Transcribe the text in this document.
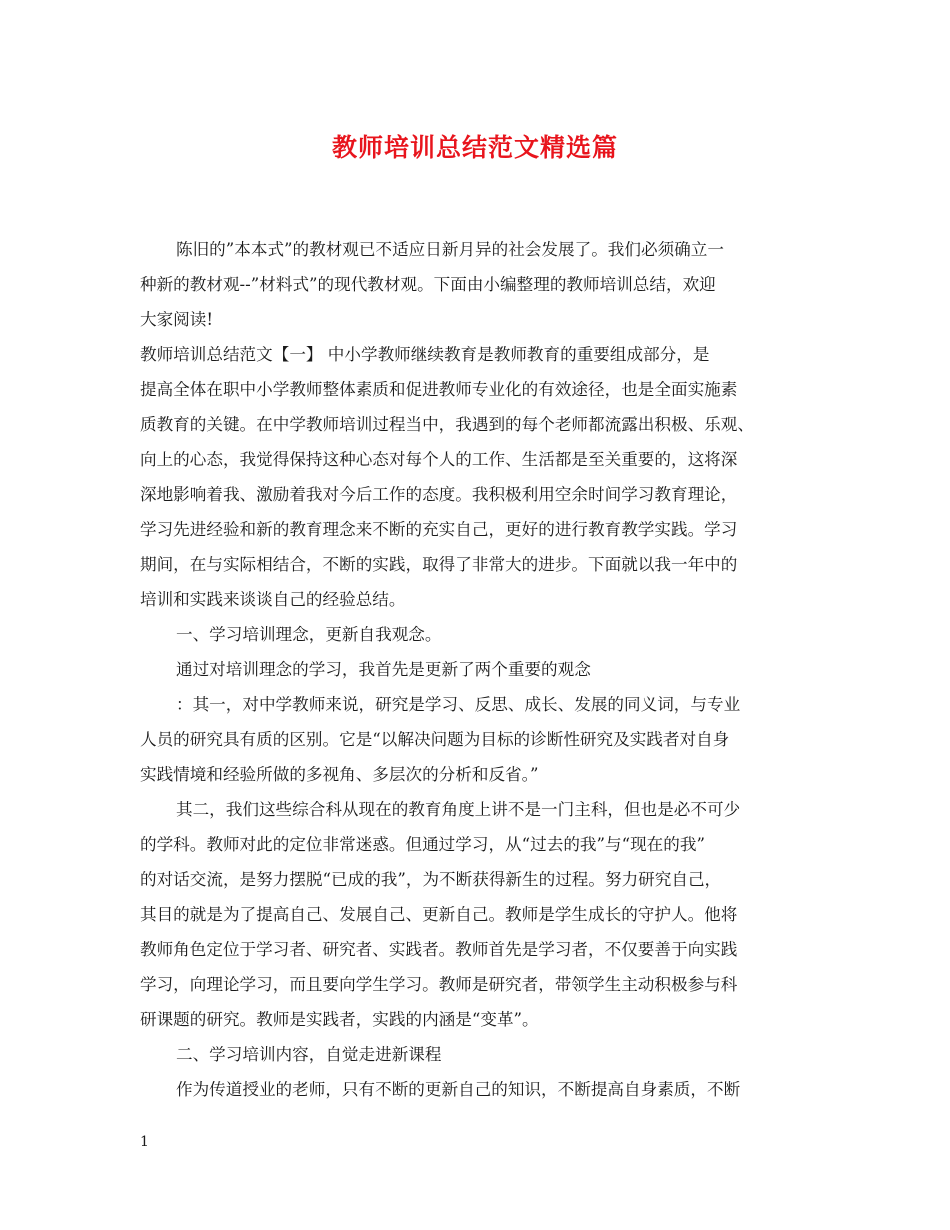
教师培训总结范文精选篇
陈旧的”本本式”的教材观已不适应日新月异的社会发展了。我们必须确立一
种新的教材观--”材料式”的现代教材观。下面由小编整理的教师培训总结，欢迎
大家阅读!
教师培训总结范文【一】 中小学教师继续教育是教师教育的重要组成部分，是
提高全体在职中小学教师整体素质和促进教师专业化的有效途径，也是全面实施素
质教育的关键。在中学教师培训过程当中，我遇到的每个老师都流露出积极、乐观、
向上的心态，我觉得保持这种心态对每个人的工作、生活都是至关重要的，这将深
深地影响着我、激励着我对今后工作的态度。我积极利用空余时间学习教育理论，
学习先进经验和新的教育理念来不断的充实自己，更好的进行教育教学实践。学习
期间，在与实际相结合，不断的实践，取得了非常大的进步。下面就以我一年中的
培训和实践来谈谈自己的经验总结。
一、学习培训理念，更新自我观念。
通过对培训理念的学习，我首先是更新了两个重要的观念
：其一，对中学教师来说，研究是学习、反思、成长、发展的同义词，与专业
人员的研究具有质的区别。它是“以解决问题为目标的诊断性研究及实践者对自身
实践情境和经验所做的多视角、多层次的分析和反省。”
其二，我们这些综合科从现在的教育角度上讲不是一门主科，但也是必不可少
的学科。教师对此的定位非常迷惑。但通过学习，从“过去的我”与“现在的我”
的对话交流，是努力摆脱“已成的我”，为不断获得新生的过程。努力研究自己，
其目的就是为了提高自己、发展自己、更新自己。教师是学生成长的守护人。他将
教师角色定位于学习者、研究者、实践者。教师首先是学习者，不仅要善于向实践
学习，向理论学习，而且要向学生学习。教师是研究者，带领学生主动积极参与科
研课题的研究。教师是实践者，实践的内涵是“变革”。
二、学习培训内容，自觉走进新课程
作为传道授业的老师，只有不断的更新自己的知识，不断提高自身素质，不断
1
